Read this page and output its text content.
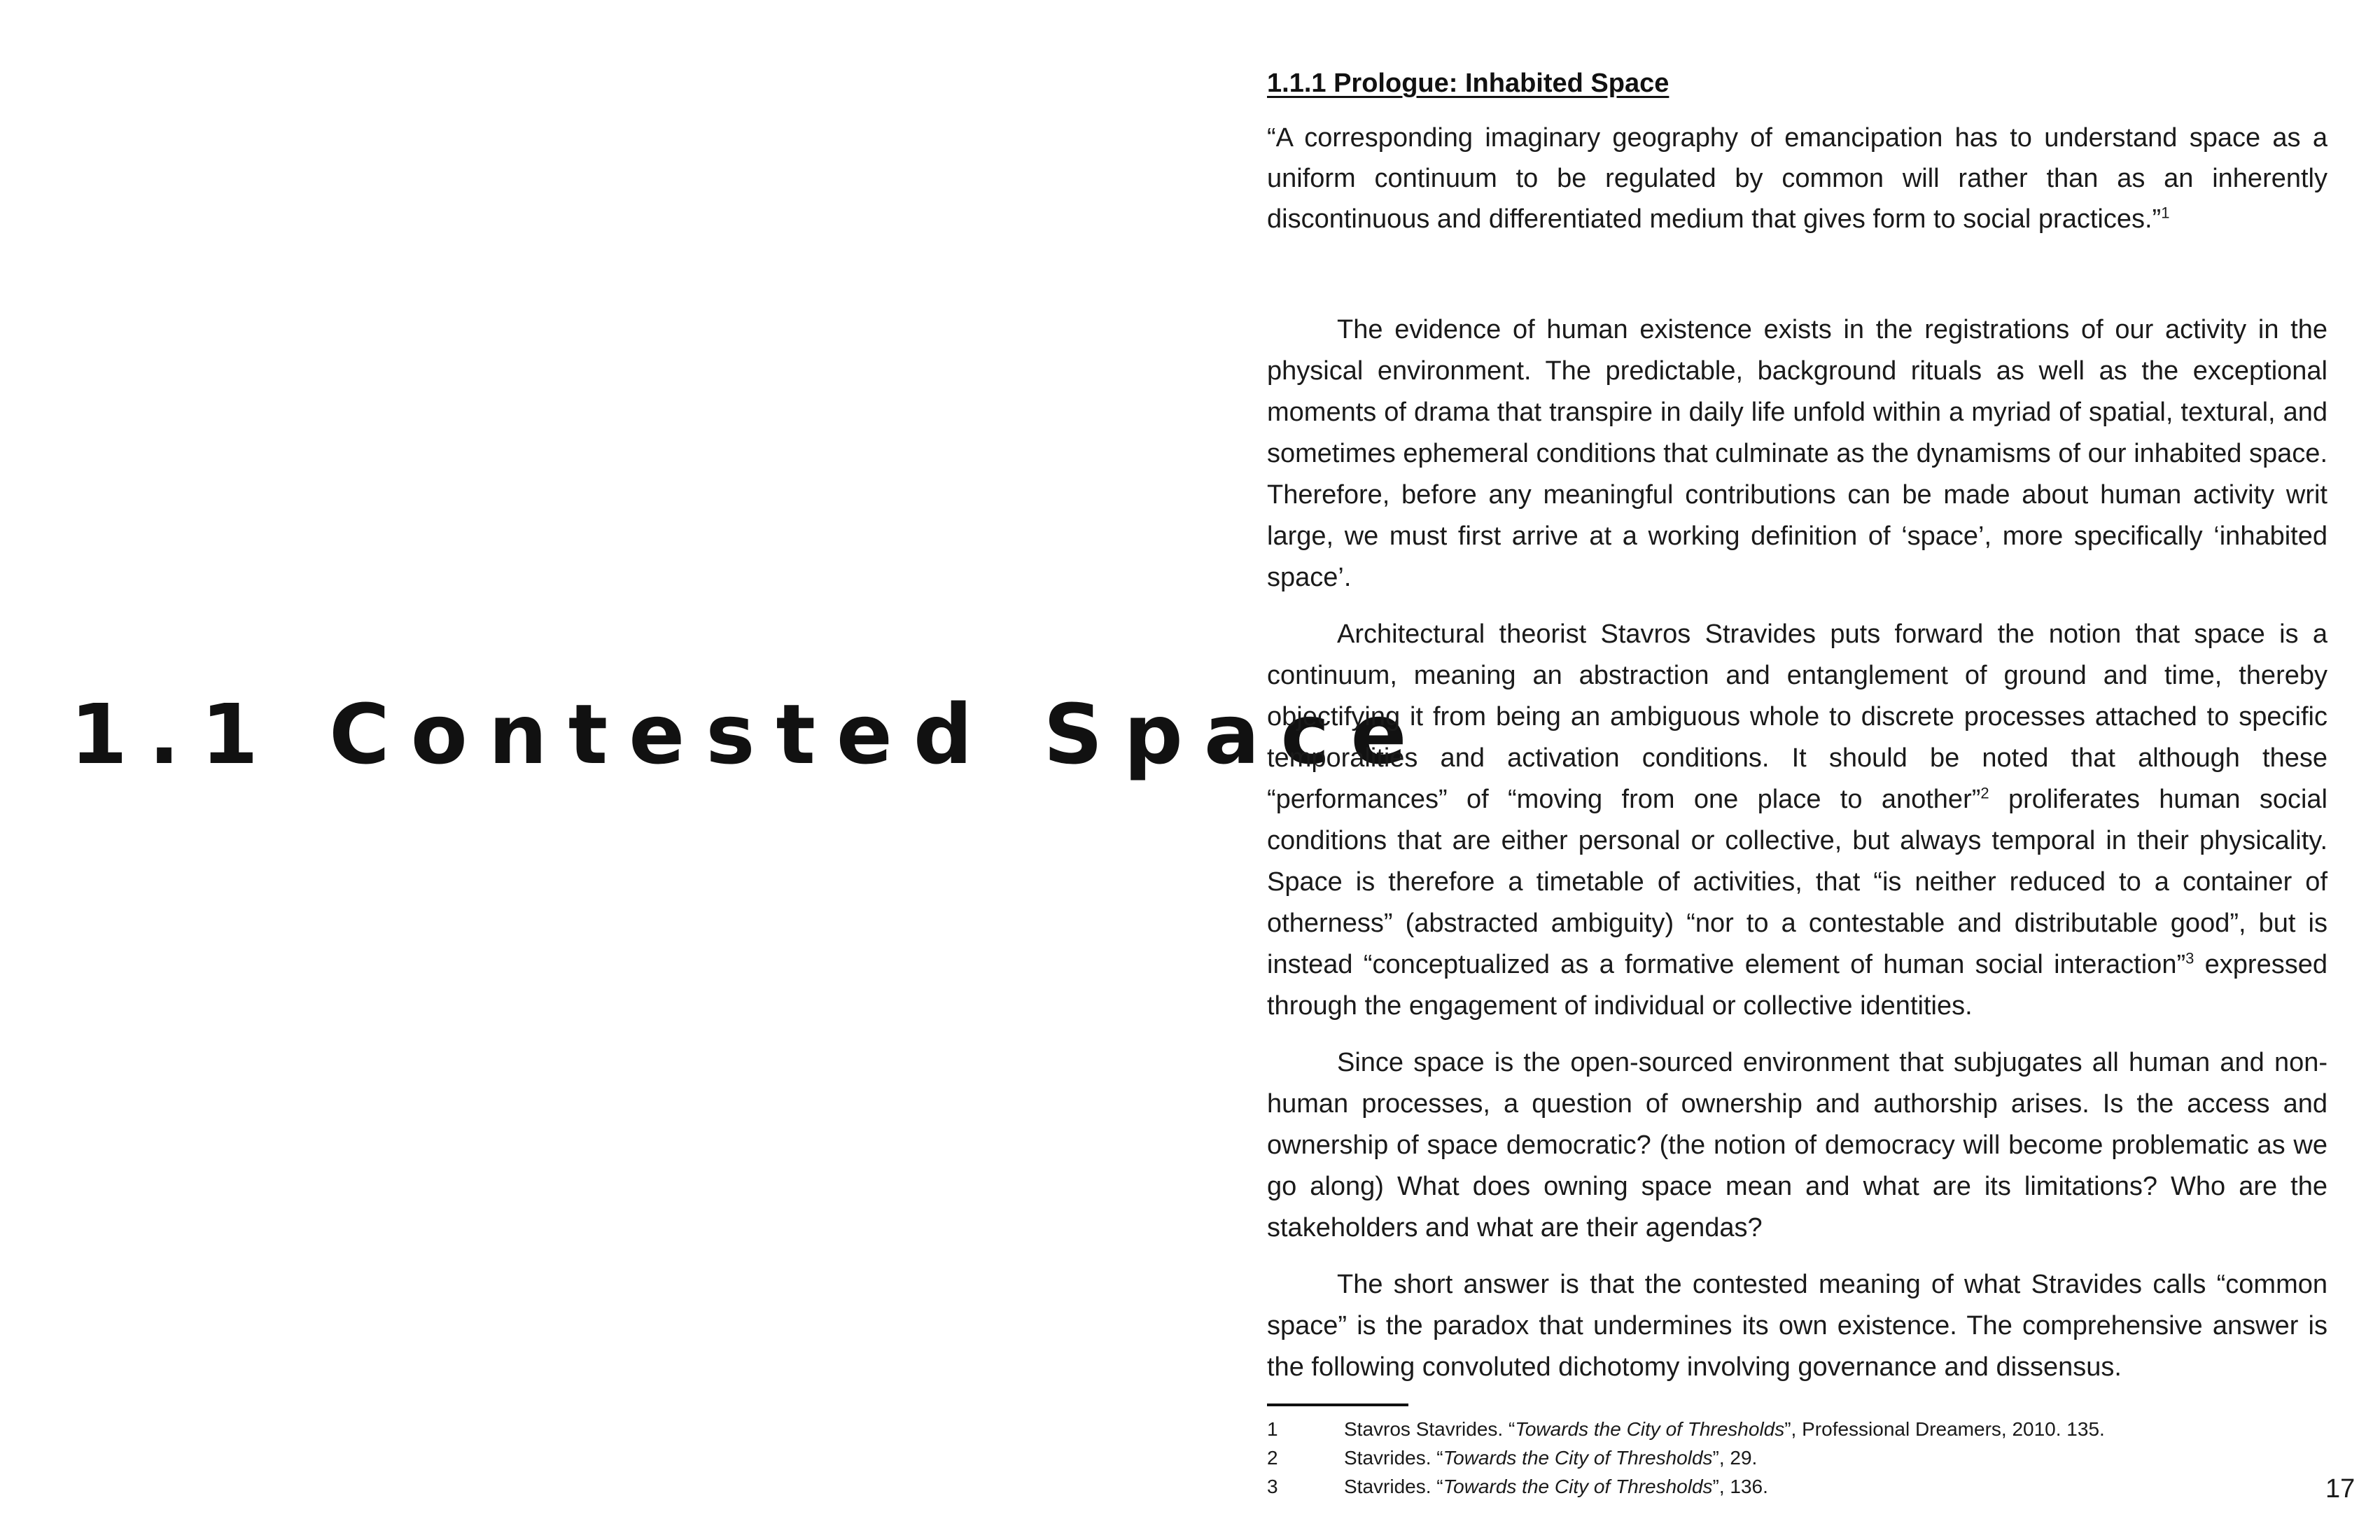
1.1 Contested Space
1.1.1 Prologue: Inhabited Space

“A corresponding imaginary geography of emancipation has to understand space as a uniform continuum to be regulated by common will rather than as an inherently discontinuous and differentiated medium that gives form to social practices.”$^1$

The evidence of human existence exists in the registrations of our activity in the physical environment. The predictable, background rituals as well as the exceptional moments of drama that transpire in daily life unfold within a myriad of spatial, textural, and sometimes ephemeral conditions that culminate as the dynamisms of our inhabited space. Therefore, before any meaningful contributions can be made about human activity writ large, we must first arrive at a working definition of ‘space’, more specifically ‘inhabited space’.

Architectural theorist Stavros Stravides puts forward the notion that space is a continuum, meaning an abstraction and entanglement of ground and time, thereby objectifying it from being an ambiguous whole to discrete processes attached to specific temporalities and activation conditions. It should be noted that although these “performances” of “moving from one place to another”$^2$ proliferates human social conditions that are either personal or collective, but always temporal in their physicality. Space is therefore a timetable of activities, that “is neither reduced to a container of otherness” (abstracted ambiguity) “nor to a contestable and distributable good”, but is instead “conceptualized as a formative element of human social interaction”$^3$ expressed through the engagement of individual or collective identities.

Since space is the open-sourced environment that subjugates all human and non-human processes, a question of ownership and authorship arises. Is the access and ownership of space democratic? (the notion of democracy will become problematic as we go along) What does owning space mean and what are its limitations? Who are the stakeholders and what are their agendas?

The short answer is that the contested meaning of what Stravides calls “common space” is the paradox that undermines its own existence. The comprehensive answer is the following convoluted dichotomy involving governance and dissensus.

1	Stavros Stavrides. “Towards the City of Thresholds”, Professional Dreamers, 2010. 135.
2	Stavrides. “Towards the City of Thresholds”, 29.
3	Stavrides. “Towards the City of Thresholds”, 136.	17
